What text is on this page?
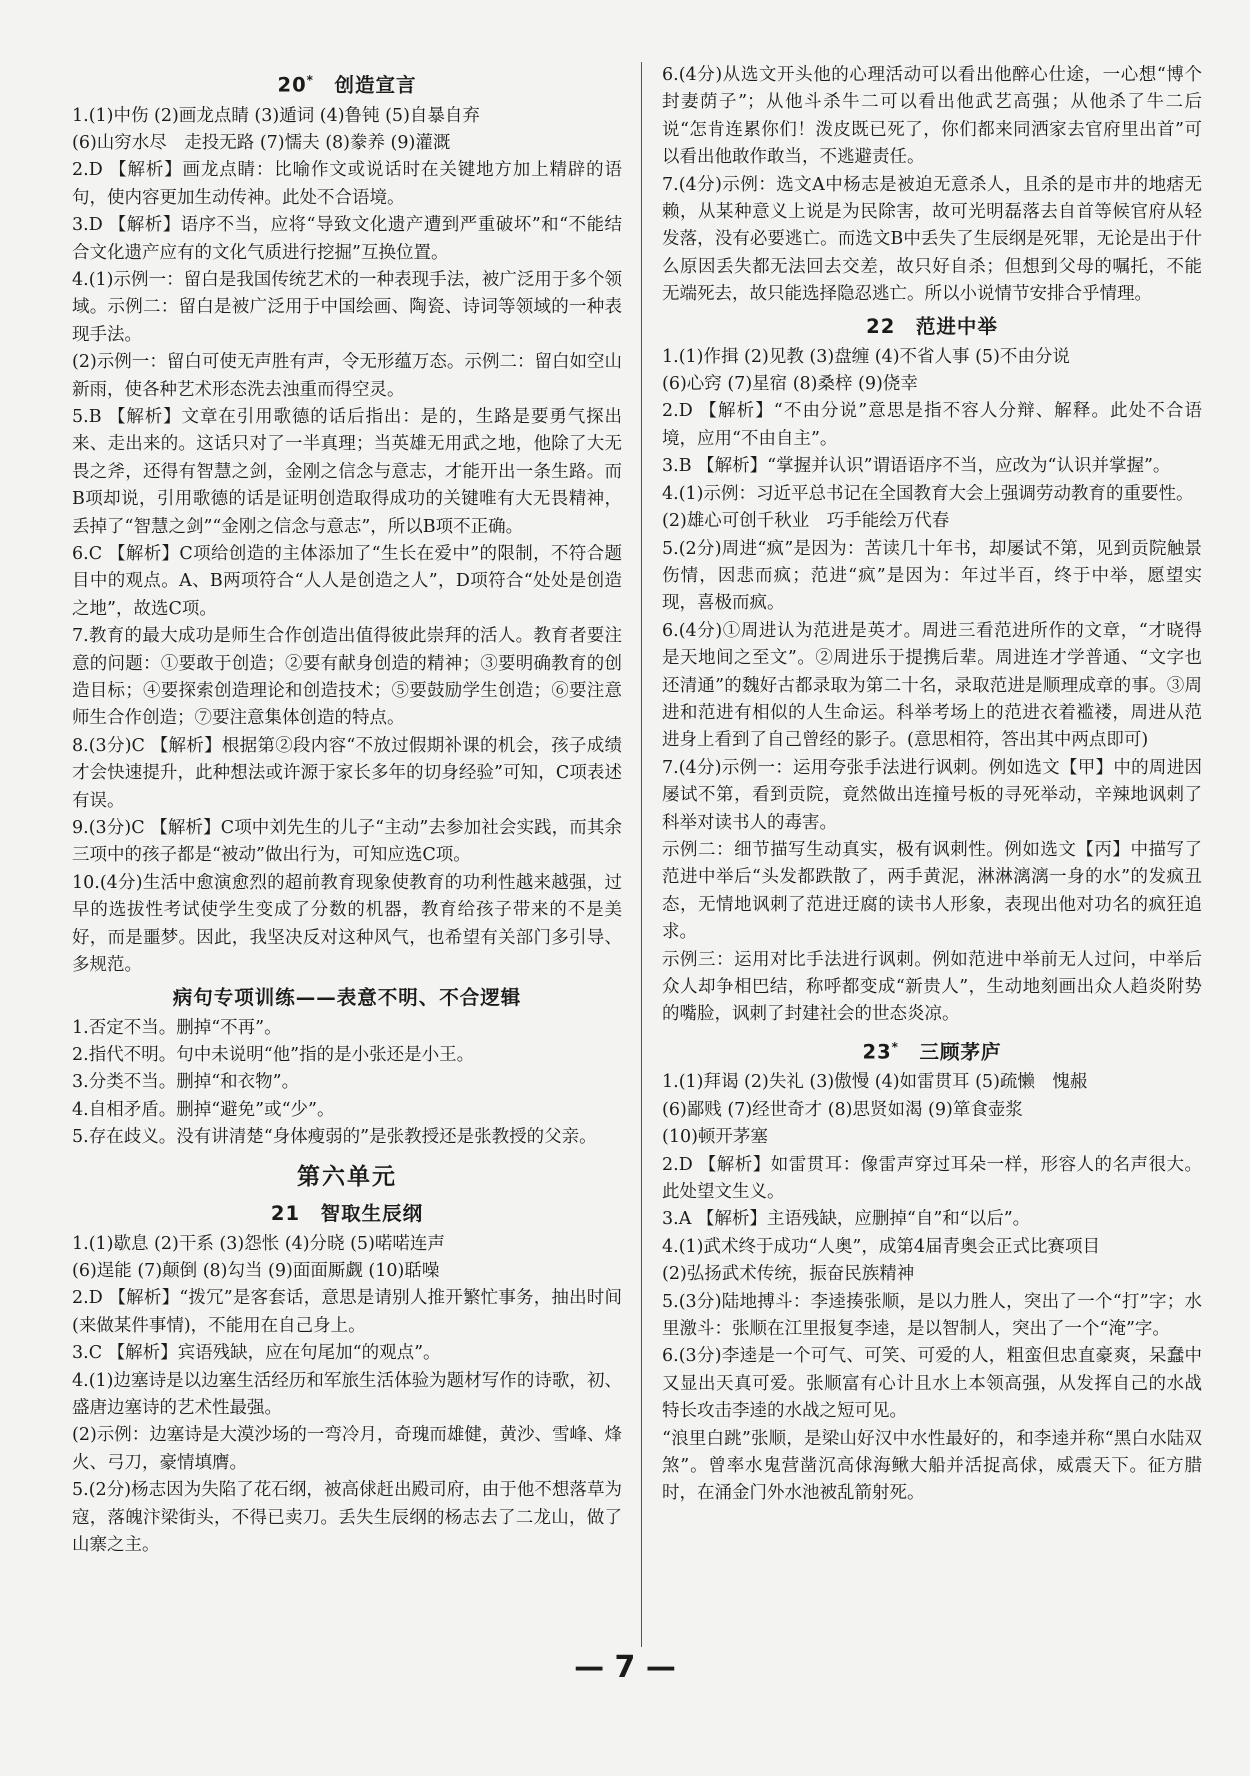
20*  创造宣言

1.(1)中伤 (2)画龙点睛 (3)遁词 (4)鲁钝 (5)自暴自弃

(6)山穷水尽　走投无路 (7)懦夫 (8)豢养 (9)灌溉

2.D 【解析】画龙点睛：比喻作文或说话时在关键地方加上精辟的语句，使内容更加生动传神。此处不合语境。

3.D 【解析】语序不当，应将“导致文化遗产遭到严重破坏”和“不能结合文化遗产应有的文化气质进行挖掘”互换位置。

4.(1)示例一：留白是我国传统艺术的一种表现手法，被广泛用于多个领域。示例二：留白是被广泛用于中国绘画、陶瓷、诗词等领域的一种表现手法。

(2)示例一：留白可使无声胜有声，令无形蕴万态。示例二：留白如空山新雨，使各种艺术形态洗去浊重而得空灵。

5.B 【解析】文章在引用歌德的话后指出：是的，生路是要勇气探出来、走出来的。这话只对了一半真理；当英雄无用武之地，他除了大无畏之斧，还得有智慧之剑，金刚之信念与意志，才能开出一条生路。而B项却说，引用歌德的话是证明创造取得成功的关键唯有大无畏精神，丢掉了“智慧之剑”“金刚之信念与意志”，所以B项不正确。

6.C 【解析】C项给创造的主体添加了“生长在爱中”的限制，不符合题目中的观点。A、B两项符合“人人是创造之人”，D项符合“处处是创造之地”，故选C项。

7.教育的最大成功是师生合作创造出值得彼此崇拜的活人。教育者要注意的问题：①要敢于创造；②要有献身创造的精神；③要明确教育的创造目标；④要探索创造理论和创造技术；⑤要鼓励学生创造；⑥要注意师生合作创造；⑦要注意集体创造的特点。

8.(3分)C 【解析】根据第②段内容“不放过假期补课的机会，孩子成绩才会快速提升，此种想法或许源于家长多年的切身经验”可知，C项表述有误。

9.(3分)C 【解析】C项中刘先生的儿子“主动”去参加社会实践，而其余三项中的孩子都是“被动”做出行为，可知应选C项。

10.(4分)生活中愈演愈烈的超前教育现象使教育的功利性越来越强，过早的选拔性考试使学生变成了分数的机器，教育给孩子带来的不是美好，而是噩梦。因此，我坚决反对这种风气，也希望有关部门多引导、多规范。

病句专项训练——表意不明、不合逻辑

1.否定不当。删掉“不再”。

2.指代不明。句中未说明“他”指的是小张还是小王。

3.分类不当。删掉“和衣物”。

4.自相矛盾。删掉“避免”或“少”。

5.存在歧义。没有讲清楚“身体瘦弱的”是张教授还是张教授的父亲。

第六单元
21  智取生辰纲

1.(1)歇息 (2)干系 (3)怨怅 (4)分晓 (5)喏喏连声

(6)逞能 (7)颠倒 (8)勾当 (9)面面厮觑 (10)聒噪

2.D 【解析】“拨冗”是客套话，意思是请别人推开繁忙事务，抽出时间(来做某件事情)，不能用在自己身上。

3.C 【解析】宾语残缺，应在句尾加“的观点”。

4.(1)边塞诗是以边塞生活经历和军旅生活体验为题材写作的诗歌，初、盛唐边塞诗的艺术性最强。

(2)示例：边塞诗是大漠沙场的一弯冷月，奇瑰而雄健，黄沙、雪峰、烽火、弓刀，豪情填膺。

5.(2分)杨志因为失陷了花石纲，被高俅赶出殿司府，由于他不想落草为寇，落魄汴梁街头，不得已卖刀。丢失生辰纲的杨志去了二龙山，做了山寨之主。

6.(4分)从选文开头他的心理活动可以看出他醉心仕途，一心想“博个封妻荫子”；从他斗杀牛二可以看出他武艺高强；从他杀了牛二后说“怎肯连累你们！泼皮既已死了，你们都来同洒家去官府里出首”可以看出他敢作敢当，不逃避责任。

7.(4分)示例：选文A中杨志是被迫无意杀人，且杀的是市井的地痞无赖，从某种意义上说是为民除害，故可光明磊落去自首等候官府从轻发落，没有必要逃亡。而选文B中丢失了生辰纲是死罪，无论是出于什么原因丢失都无法回去交差，故只好自杀；但想到父母的嘱托，不能无端死去，故只能选择隐忍逃亡。所以小说情节安排合乎情理。

22  范进中举

1.(1)作揖 (2)见教 (3)盘缠 (4)不省人事 (5)不由分说

(6)心窍 (7)星宿 (8)桑梓 (9)侥幸

2.D 【解析】“不由分说”意思是指不容人分辩、解释。此处不合语境，应用“不由自主”。

3.B 【解析】“掌握并认识”谓语语序不当，应改为“认识并掌握”。

4.(1)示例：习近平总书记在全国教育大会上强调劳动教育的重要性。

(2)雄心可创千秋业　巧手能绘万代春

5.(2分)周进“疯”是因为：苦读几十年书，却屡试不第，见到贡院触景伤情，因悲而疯；范进“疯”是因为：年过半百，终于中举，愿望实现，喜极而疯。

6.(4分)①周进认为范进是英才。周进三看范进所作的文章，“才晓得是天地间之至文”。②周进乐于提携后辈。周进连才学普通、“文字也还清通”的魏好古都录取为第二十名，录取范进是顺理成章的事。③周进和范进有相似的人生命运。科举考场上的范进衣着褴褛，周进从范进身上看到了自己曾经的影子。(意思相符，答出其中两点即可)

7.(4分)示例一：运用夸张手法进行讽刺。例如选文【甲】中的周进因屡试不第，看到贡院，竟然做出连撞号板的寻死举动，辛辣地讽刺了科举对读书人的毒害。

示例二：细节描写生动真实，极有讽刺性。例如选文【丙】中描写了范进中举后“头发都跌散了，两手黄泥，淋淋漓漓一身的水”的发疯丑态，无情地讽刺了范进迂腐的读书人形象，表现出他对功名的疯狂追求。

示例三：运用对比手法进行讽刺。例如范进中举前无人过问，中举后众人却争相巴结，称呼都变成“新贵人”，生动地刻画出众人趋炎附势的嘴脸，讽刺了封建社会的世态炎凉。

23*  三顾茅庐

1.(1)拜谒 (2)失礼 (3)傲慢 (4)如雷贯耳 (5)疏懒　愧赧

(6)鄙贱 (7)经世奇才 (8)思贤如渴 (9)箪食壶浆

(10)顿开茅塞

2.D 【解析】如雷贯耳：像雷声穿过耳朵一样，形容人的名声很大。此处望文生义。

3.A 【解析】主语残缺，应删掉“自”和“以后”。

4.(1)武术终于成功“人奥”，成第4届青奥会正式比赛项目

(2)弘扬武术传统，振奋民族精神

5.(3分)陆地搏斗：李逵揍张顺，是以力胜人，突出了一个“打”字；水里激斗：张顺在江里报复李逵，是以智制人，突出了一个“淹”字。

6.(3分)李逵是一个可气、可笑、可爱的人，粗蛮但忠直豪爽，呆蠢中又显出天真可爱。张顺富有心计且水上本领高强，从发挥自己的水战特长攻击李逵的水战之短可见。

“浪里白跳”张顺，是梁山好汉中水性最好的，和李逵并称“黑白水陆双煞”。曾率水鬼营凿沉高俅海鳅大船并活捉高俅，威震天下。征方腊时，在涌金门外水池被乱箭射死。

— 7 —
